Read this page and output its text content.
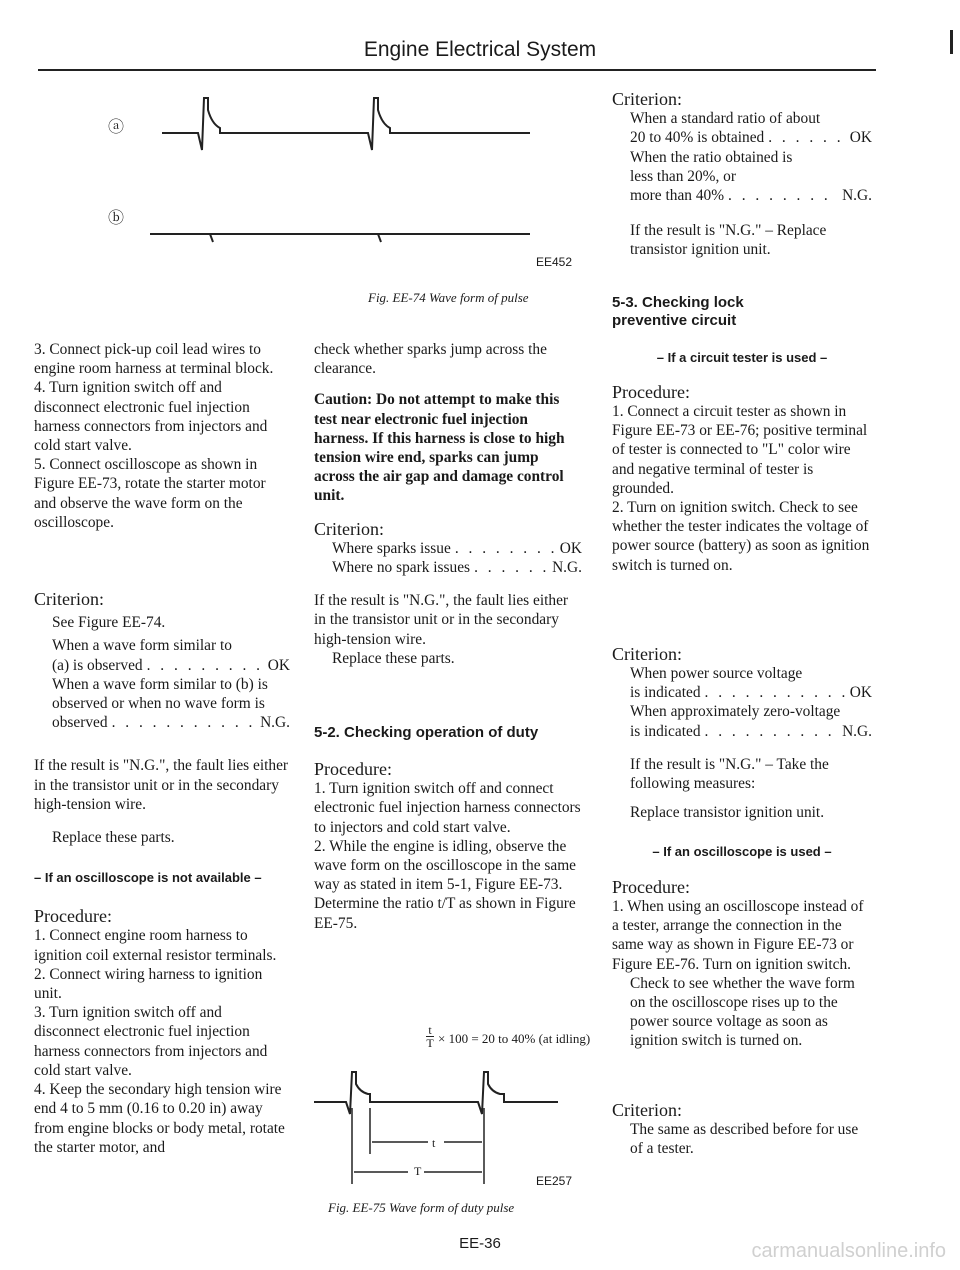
Engine Electrical System
ⓐ
ⓑ
EE452
Fig. EE-74 Wave form of pulse

3. Connect pick-up coil lead wires to engine room harness at terminal block.

4. Turn ignition switch off and disconnect electronic fuel injection harness connectors from injectors and cold start valve.

5. Connect oscilloscope as shown in Figure EE-73, rotate the starter motor and observe the wave form on the oscilloscope.

Criterion:

See Figure EE-74.

When a wave form similar to

(a) is observed . . .	OK

When a wave form similar to (b) is observed or when no wave form is

observed . . .	N.G.

If the result is "N.G.", the fault lies either in the transistor unit or in the secondary high-tension wire.

Replace these parts.

– If an oscilloscope is not available –

Procedure:

1. Connect engine room harness to ignition coil external resistor terminals.

2. Connect wiring harness to ignition unit.

3. Turn ignition switch off and disconnect electronic fuel injection harness connectors from injectors and cold start valve.

4. Keep the secondary high tension wire end 4 to 5 mm (0.16 to 0.20 in) away from engine blocks or body metal, rotate the starter motor, and

check whether sparks jump across the clearance.

Caution: Do not attempt to make this test near electronic fuel injection harness. If this harness is close to high tension wire end, sparks can jump across the air gap and damage control unit.

Criterion:

Where sparks issue . . .	OK
Where no spark issues . . .	N.G.

If the result is "N.G.", the fault lies either in the transistor unit or in the secondary high-tension wire.

Replace these parts.

5-2. Checking operation of duty

Procedure:

1. Turn ignition switch off and connect electronic fuel injection harness connectors to injectors and cold start valve.

2. While the engine is idling, observe the wave form on the oscilloscope in the same way as stated in item 5-1, Figure EE-73. Determine the ratio t/T as shown in Figure EE-75.

t
T × 100 = 20 to 40% (at idling)
t
T
EE257
Fig. EE-75 Wave form of duty pulse

Criterion:

When a standard ratio of about

20 to 40% is obtained . . .	OK

When the ratio obtained is

less than 20%, or

more than 40% . . .	N.G.

If the result is "N.G." – Replace transistor ignition unit.

5-3. Checking lock preventive circuit

– If a circuit tester is used –

Procedure:

1. Connect a circuit tester as shown in Figure EE-73 or EE-76; positive terminal of tester is connected to "L" color wire and negative terminal of tester is grounded.

2. Turn on ignition switch. Check to see whether the tester indicates the voltage of power source (battery) as soon as ignition switch is turned on.

Criterion:

When power source voltage

is indicated . . .	OK

When approximately zero-voltage

is indicated . . .	N.G.

If the result is "N.G." – Take the following measures:

Replace transistor ignition unit.

– If an oscilloscope is used –

Procedure:

1. When using an oscilloscope instead of a tester, arrange the connection in the same way as shown in Figure EE-73 or Figure EE-76. Turn on ignition switch.

Check to see whether the wave form on the oscilloscope rises up to the power source voltage as soon as ignition switch is turned on.

Criterion:

The same as described before for use of a tester.

EE-36	carmanualsonline.info
